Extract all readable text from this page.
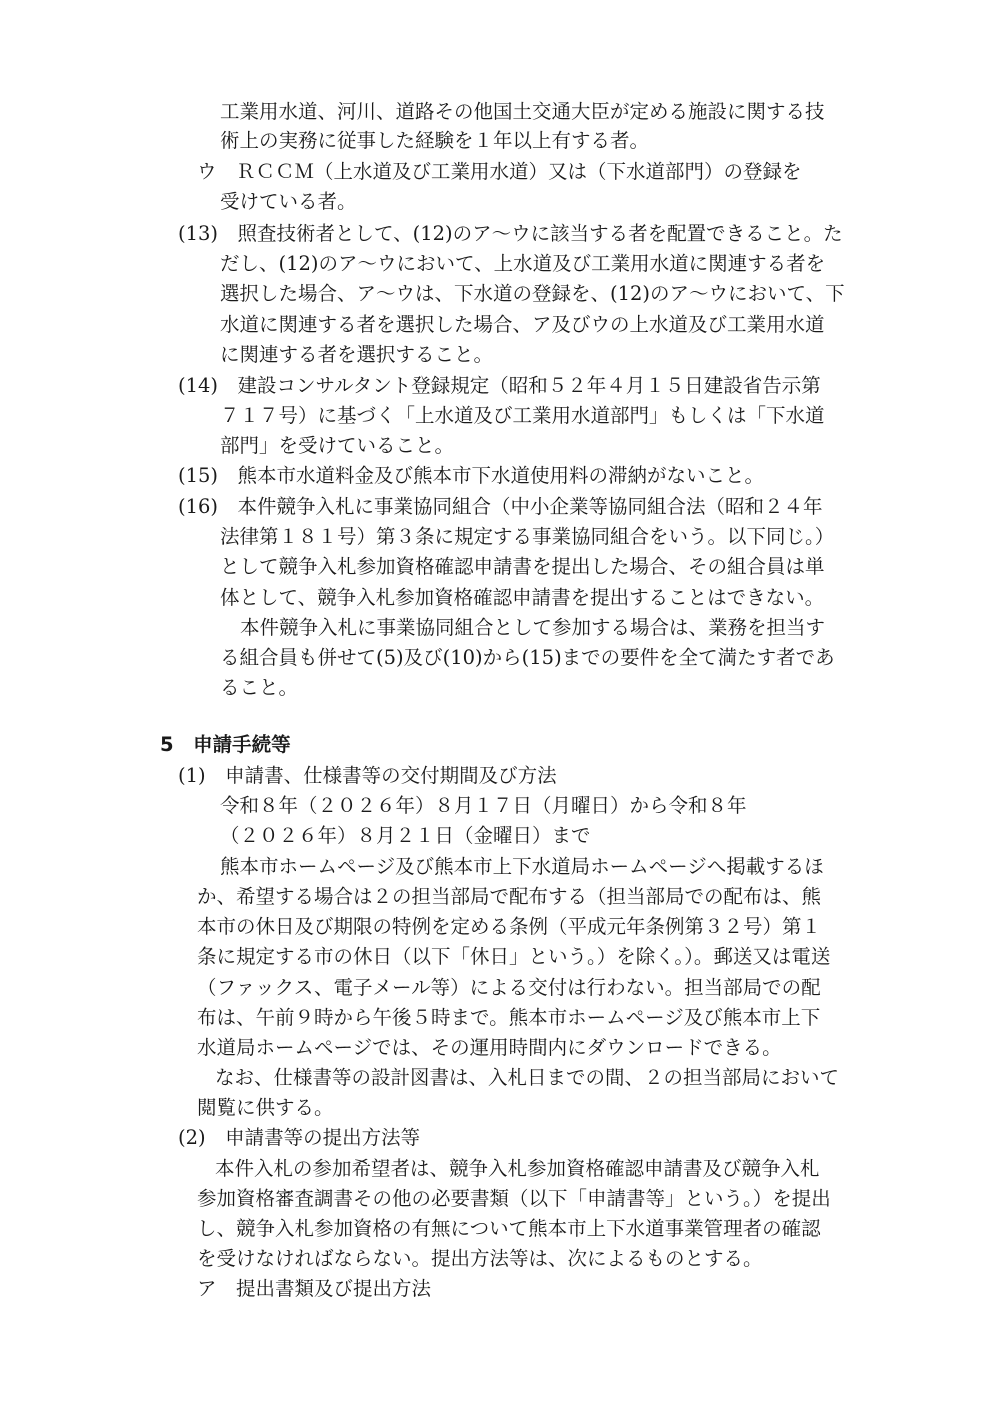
工業用水道、河川、道路その他国土交通大臣が定める施設に関する技
術上の実務に従事した経験を１年以上有する者。
ウ　ＲＣＣＭ（上水道及び工業用水道）又は（下水道部門）の登録を
受けている者。
(13)　照査技術者として、(12)のア～ウに該当する者を配置できること。た
だし、(12)のア～ウにおいて、上水道及び工業用水道に関連する者を
選択した場合、ア～ウは、下水道の登録を、(12)のア～ウにおいて、下
水道に関連する者を選択した場合、ア及びウの上水道及び工業用水道
に関連する者を選択すること。
(14)　建設コンサルタント登録規定（昭和５２年４月１５日建設省告示第
７１７号）に基づく「上水道及び工業用水道部門」もしくは「下水道
部門」を受けていること。
(15)　熊本市水道料金及び熊本市下水道使用料の滞納がないこと。
(16)　本件競争入札に事業協同組合（中小企業等協同組合法（昭和２４年
法律第１８１号）第３条に規定する事業協同組合をいう。以下同じ。）
として競争入札参加資格確認申請書を提出した場合、その組合員は単
体として、競争入札参加資格確認申請書を提出することはできない。
本件競争入札に事業協同組合として参加する場合は、業務を担当す
る組合員も併せて(5)及び(10)から(15)までの要件を全て満たす者であ
ること。
5　申請手続等
(1)　申請書、仕様書等の交付期間及び方法
令和８年（２０２６年）８月１７日（月曜日）から令和８年
（２０２６年）８月２１日（金曜日）まで
熊本市ホームページ及び熊本市上下水道局ホームページへ掲載するほ
か、希望する場合は２の担当部局で配布する（担当部局での配布は、熊
本市の休日及び期限の特例を定める条例（平成元年条例第３２号）第１
条に規定する市の休日（以下「休日」という。）を除く。）。郵送又は電送
（ファックス、電子メール等）による交付は行わない。担当部局での配
布は、午前９時から午後５時まで。熊本市ホームページ及び熊本市上下
水道局ホームページでは、その運用時間内にダウンロードできる。
なお、仕様書等の設計図書は、入札日までの間、２の担当部局において
閲覧に供する。
(2)　申請書等の提出方法等
本件入札の参加希望者は、競争入札参加資格確認申請書及び競争入札
参加資格審査調書その他の必要書類（以下「申請書等」という。）を提出
し、競争入札参加資格の有無について熊本市上下水道事業管理者の確認
を受けなければならない。提出方法等は、次によるものとする。
ア　提出書類及び提出方法
